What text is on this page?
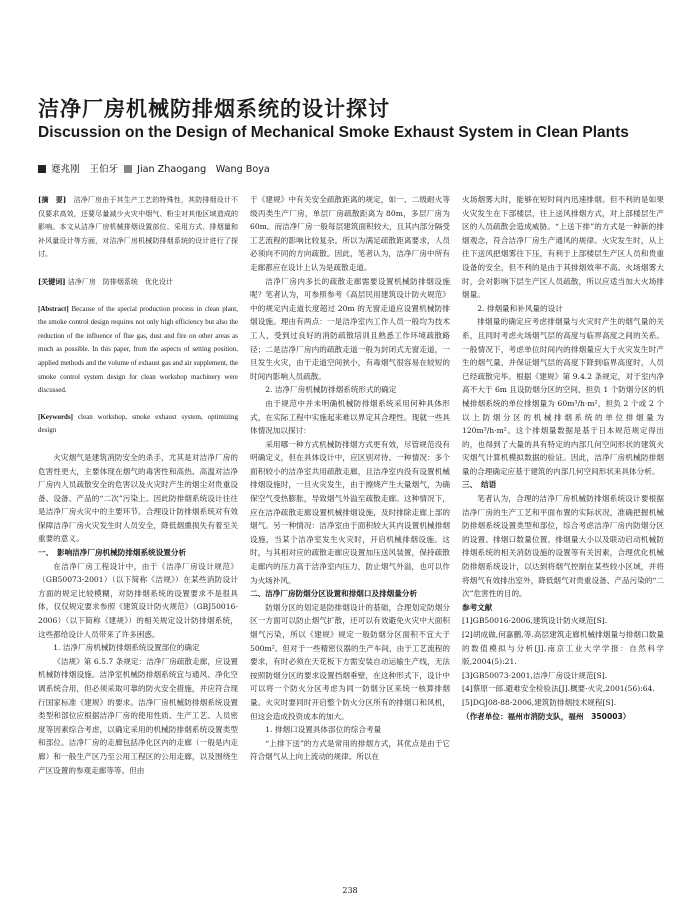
洁净厂房机械防排烟系统的设计探讨
Discussion on the Design of Mechanical Smoke Exhaust System in Clean Plants
蹇兆刚　王伯牙 Jian Zhaogang　Wang Boya

[摘　要]　 洁净厂房由于其生产工艺的特殊性，其防排烟设计不仅要求高效，还要尽量减少火灾中烟气、粉尘对其他区域造成的影响。本文从洁净厂房机械排烟设置部位、采用方式、排烟量和补风量设计等方面，对洁净厂房机械防排烟系统的设计进行了探讨。

[关键词] 洁净厂房　防排烟系统　优化设计

[Abstract] Because of the special production process in clean plant, the smoke control design requires not only high efficiency but also the reduction of the influence of flue gas, dust and fire on other areas as much as possible. In this paper, from the aspects of setting position, applied methods and the volume of exhaust gas and air supplement, the smoke control system design for clean workshop machinery were discussed.

[Keywords] clean workshop, smoke exhaust system, optimizing design

火灾烟气是建筑消防安全的杀手，尤其是对洁净厂房的危害性更大，主要体现在烟气的毒害性和高热、高温对洁净厂房内人员疏散安全的危害以及火灾时产生的烟尘对贵重设备、设备、产品的“二次”污染上。因此防排烟系统设计往往是洁净厂房火灾中的主要环节。合理设计防排烟系统对有效保障洁净厂房火灾发生时人员安全，降低烟熏损失有着至关重要的意义。

一、　影响洁净厂房机械防排烟系统设置分析

在洁净厂房工程设计中，由于《洁净厂房设计规范》（GB50073-2001）（以下简称《洁规》）在某些消防设计方面的规定比较模糊，对防排烟系统的设置要求不是很具体，仅仅规定要求参照《建筑设计防火规范》（GBJ50016-2006）（以下简称《建规》）的相关规定设计防排烟系统，这些都给设计人员带来了许多困惑。

1. 洁净厂房机械防排烟系统设置部位的确定

《洁规》第 6.5.7 条规定：洁净厂房疏散走廊，应设置机械防排烟设施。洁净室机械防排烟系统宜与通风、净化空调系统合用，但必须采取可靠的防火安全措施，并应符合现行国家标准《建规》的要求。洁净厂房机械防排烟系统设置类型和部位应根据洁净厂房的使用性质、生产工艺、人员密度等因素综合考虑，以确定采用的机械防排烟系统设置类型和部位。洁净厂房的走廊包括净化区内的走廊（一般是内走廊）和一般生产区乃至公用工程区的公用走廊，以及围绕生产区设置的参观走廊等等。但由

于《建规》中有关安全疏散距离的规定，如一、二级耐火等级丙类生产厂房，单层厂房疏散距离为 80m，多层厂房为 60m。而洁净厂房一般每层建筑面积较大，且其内部分隔受工艺流程的影响比较复杂。所以为满足疏散距离要求，人员必须向不同的方向疏散。因此，笔者认为，洁净厂房中所有走廊都应在设计上认为是疏散走道。

洁净厂房内多长的疏散走廊需要设置机械防排烟设施呢？笔者认为，可参照参考《高层民用建筑设计防火规范》中的规定内走道长度超过 20m 的无窗走道应设置机械防排烟设施。理由有两点：一是洁净室内工作人员一般均为技术工人，受到过良好的消防疏散培训且熟悉工作环境疏散路径；二是洁净厂房内的疏散走道一般为封闭式无窗走道，一旦发生火灾，由于走道空间狭小，有毒烟气很容易在较短的时间内影响人员疏散。

2. 洁净厂房机械防排烟系统形式的确定

由于规范中并未明确机械防排烟系统采用何种具体形式，在实际工程中实施起来难以界定其合理性。现就一些具体情况加以探讨：

采用哪一种方式机械防排烟方式更有效，尽管规范没有明确定义，但在具体设计中，应区别对待。一种情况：多个面积较小的洁净室共用疏散走廊，且洁净室内没有设置机械排烟设施时，一旦火灾发生，由于擦烧产生大量烟气，为确保空气受热膨胀，导致烟气外溢至疏散走廊。这种情况下，应在洁净疏散走廊设置机械排烟设施，及时排除走廊上部的烟气。另一种情况：洁净室由于面积较大其内设置机械排烟设施，当某个洁净室发生火灾时，开启机械排烟设施。这时，与其相对应的疏散走廊应设置加压送风装置，保持疏散走廊内的压力高于洁净室内压力，防止烟气外溢，也可以作为火场补风。

二、洁净厂房防烟分区设置和排烟口及排烟量分析

防烟分区的划定是防排烟设计的基础，合理划定防烟分区一方面可以防止烟气扩散，还可以有效避免火灾中大面积烟气污染，所以《建规》规定一般防烟分区面积不宜大于 500m²。但对于一些精密仪器的生产车间，由于工艺流程的要求，有时必须在天花板下方需安装自动运输生产线，无法按照防烟分区的要求设置挡烟垂壁，在这种形式下，设计中可以将一个防火分区考虑为同一防烟分区来统一核算排烟量。火灾时要同时开启整个防火分区所有的排烟口和风机，但这会造成投资成本的加大。

1. 排烟口设置具体部位的综合考量

“上排下送”的方式是常用的排烟方式，其优点是由于它符合烟气从上向上流动的规律。所以在

火场烟雾大时，能够在短时间内迅速排烟。但不利的是如果火灾发生在下部楼层，往上送风排烟方式，对上部楼层生产区的人员疏散会造成威胁。“上送下排”的方式是一种新的排烟观念，符合洁净厂房生产通风的规律。火灾发生时，从上往下送风把烟雾往下压，有利于上部楼层生产区人员和贵重设备的安全，但不利的是由于其排烟效率不高。火场烟雾大时，会对影响下层生产区人员疏散，所以应适当加大火场排烟量。

2. 排烟量和补风量的设计

排烟量的确定应考虑排烟量与火灾时产生的烟气量的关系，且同时考虑火场烟气层的高度与临界高度之间的关系。一般情况下，考虑单位时间内的排烟量应大于火灾发生时产生的烟气量，并保证烟气层的高度下降到临界高度时，人员已经疏散完毕。根据《建规》第 9.4.2 条规定，对于室内净高不大于 6m 且设防烟分区的空间，担负 1 个防烟分区的机械排烟系统的单位排烟量为 60m³/h·m²，担负 2 个或 2 个以上防烟分区的机械排烟系统的单位排烟量为 120m³/h·m²。这个排烟量数据是基于日本规范规定得出的，也得到了大量的具有特定的内部几何空间形状的建筑火灾烟气计算机模拟数据的验证。因此，洁净厂房机械防排烟量的合理确定应基于建筑的内部几何空间形状来具体分析。

三、　结语

笔者认为，合理的洁净厂房机械防排烟系统设计要根据洁净厂房的生产工艺和平面布置的实际状况，准确把握机械防排烟系统设置类型和部位，综合考虑洁净厂房内防烟分区的设置、排烟口数量位置、排烟量大小以及联动启动机械防排烟系统的相关消防设施的设置等有关因素，合理优化机械防排烟系统设计，以达到将烟气控制在某些较小区域，并将将烟气有效排出室外，降低烟气对贵重设备、产品污染的“二次”危害性的目的。

参考文献

[1]GB50016-2006,建筑设计防火规范[S].

[2]胡成做,何嘉鹏,等.高层建筑走廊机械排烟量与排烟口数量的数值模拟与分析[J].南京工业大学学报：自然科学版,2004(5):21.

[3]GB50073-2001,洁净厂房设计规范[S].

[4]蔡原一郎.避难安全检验法[J].概要·火灾,2001(56):64.

[5]DGJ08-88-2006,建筑防排烟技术规程[S].

（作者单位：福州市消防支队，福州　350003）

238
